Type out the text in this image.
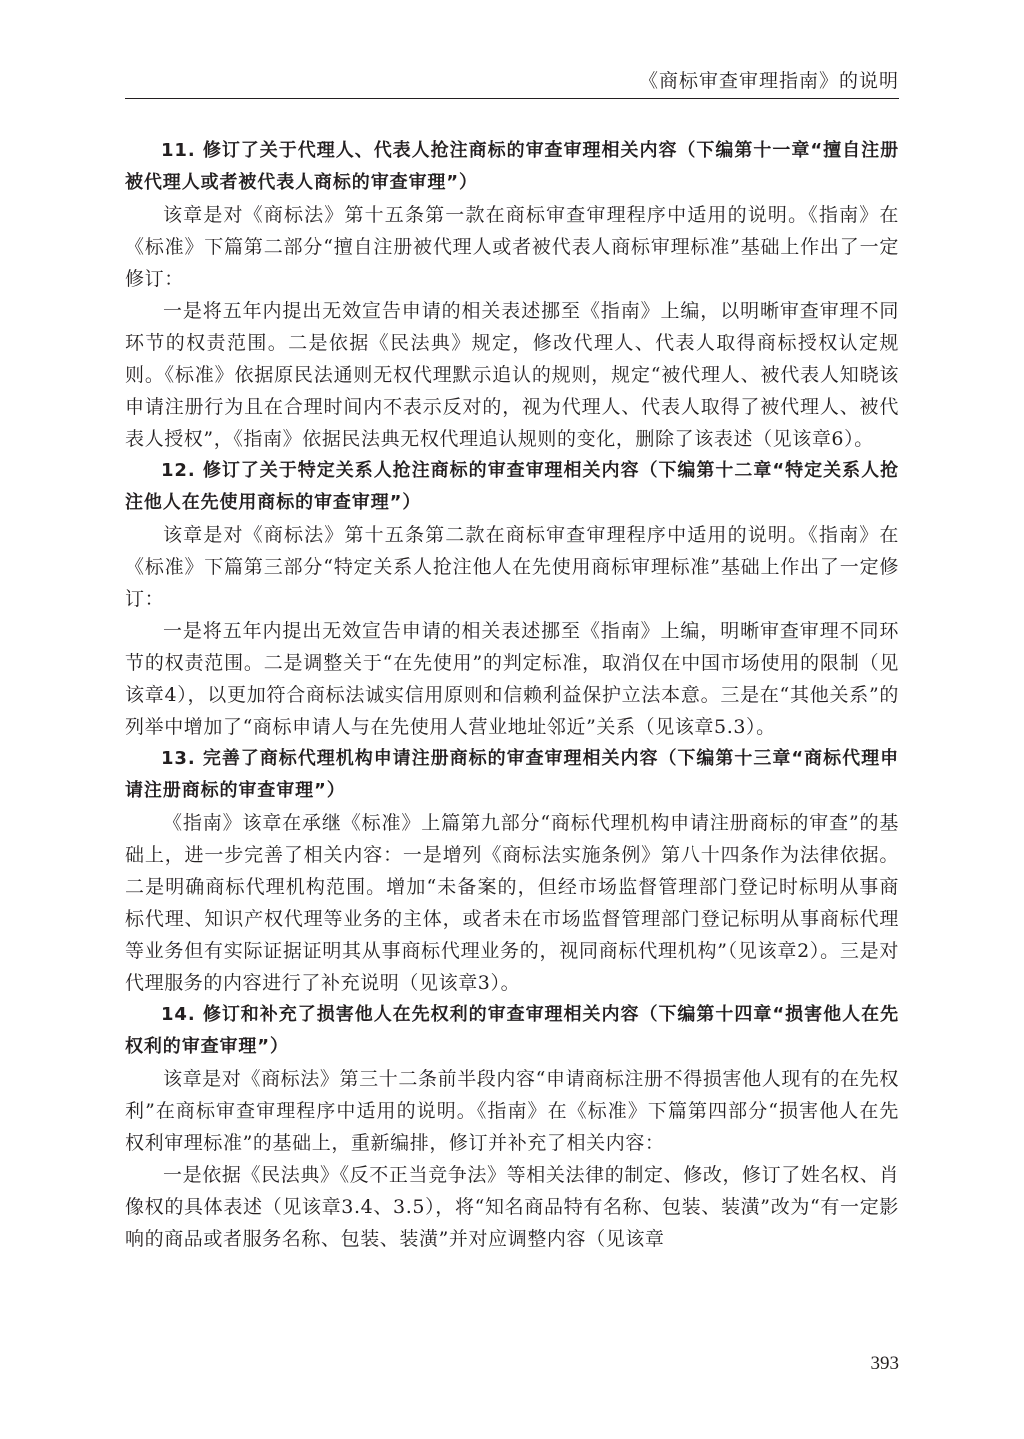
《商标审查审理指南》的说明

11. 修订了关于代理人、代表人抢注商标的审查审理相关内容（下编第十一章“擅自注册被代理人或者被代表人商标的审查审理”）

该章是对《商标法》第十五条第一款在商标审查审理程序中适用的说明。《指南》在《标准》下篇第二部分“擅自注册被代理人或者被代表人商标审理标准”基础上作出了一定修订：

一是将五年内提出无效宣告申请的相关表述挪至《指南》上编，以明晰审查审理不同环节的权责范围。二是依据《民法典》规定，修改代理人、代表人取得商标授权认定规则。《标准》依据原民法通则无权代理默示追认的规则，规定“被代理人、被代表人知晓该申请注册行为且在合理时间内不表示反对的，视为代理人、代表人取得了被代理人、被代表人授权”，《指南》依据民法典无权代理追认规则的变化，删除了该表述（见该章6）。

12. 修订了关于特定关系人抢注商标的审查审理相关内容（下编第十二章“特定关系人抢注他人在先使用商标的审查审理”）

该章是对《商标法》第十五条第二款在商标审查审理程序中适用的说明。《指南》在《标准》下篇第三部分“特定关系人抢注他人在先使用商标审理标准”基础上作出了一定修订：

一是将五年内提出无效宣告申请的相关表述挪至《指南》上编，明晰审查审理不同环节的权责范围。二是调整关于“在先使用”的判定标准，取消仅在中国市场使用的限制（见该章4），以更加符合商标法诚实信用原则和信赖利益保护立法本意。三是在“其他关系”的列举中增加了“商标申请人与在先使用人营业地址邻近”关系（见该章5.3）。

13. 完善了商标代理机构申请注册商标的审查审理相关内容（下编第十三章“商标代理申请注册商标的审查审理”）

《指南》该章在承继《标准》上篇第九部分“商标代理机构申请注册商标的审查”的基础上，进一步完善了相关内容：一是增列《商标法实施条例》第八十四条作为法律依据。二是明确商标代理机构范围。增加“未备案的，但经市场监督管理部门登记时标明从事商标代理、知识产权代理等业务的主体，或者未在市场监督管理部门登记标明从事商标代理等业务但有实际证据证明其从事商标代理业务的，视同商标代理机构”（见该章2）。三是对代理服务的内容进行了补充说明（见该章3）。

14. 修订和补充了损害他人在先权利的审查审理相关内容（下编第十四章“损害他人在先权利的审查审理”）

该章是对《商标法》第三十二条前半段内容“申请商标注册不得损害他人现有的在先权利”在商标审查审理程序中适用的说明。《指南》在《标准》下篇第四部分“损害他人在先权利审理标准”的基础上，重新编排，修订并补充了相关内容：

一是依据《民法典》《反不正当竞争法》等相关法律的制定、修改，修订了姓名权、肖像权的具体表述（见该章3.4、3.5），将“知名商品特有名称、包装、装潢”改为“有一定影响的商品或者服务名称、包装、装潢”并对应调整内容（见该章

393
